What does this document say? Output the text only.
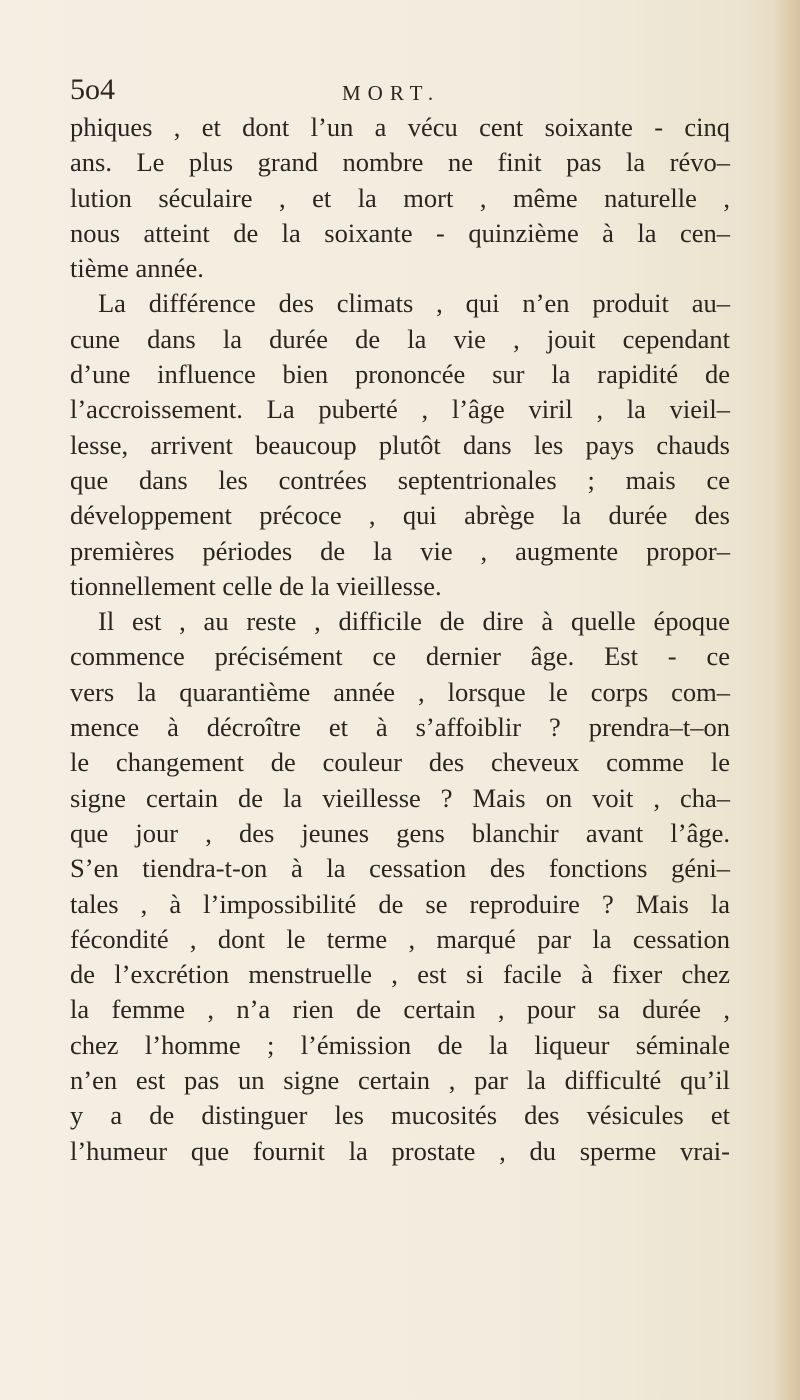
5o4	MORT.
phiques , et dont l’un a vécu cent soixante - cinq
ans. Le plus grand nombre ne finit pas la révo–
lution séculaire , et la mort , même naturelle ,
nous atteint de la soixante - quinzième à la cen–
tième année.
La différence des climats , qui n’en produit au–
cune dans la durée de la vie , jouit cependant
d’une influence bien prononcée sur la rapidité de
l’accroissement. La puberté , l’âge viril , la vieil–
lesse, arrivent beaucoup plutôt dans les pays chauds
que dans les contrées septentrionales ; mais ce
développement précoce , qui abrège la durée des
premières périodes de la vie , augmente propor–
tionnellement celle de la vieillesse.
Il est , au reste , difficile de dire à quelle époque
commence précisément ce dernier âge. Est - ce
vers la quarantième année , lorsque le corps com–
mence à décroître et à s’affoiblir ? prendra–t–on
le changement de couleur des cheveux comme le
signe certain de la vieillesse ? Mais on voit , cha–
que jour , des jeunes gens blanchir avant l’âge.
S’en tiendra-t-on à la cessation des fonctions géni–
tales , à l’impossibilité de se reproduire ? Mais la
fécondité , dont le terme , marqué par la cessation
de l’excrétion menstruelle , est si facile à fixer chez
la femme , n’a rien de certain , pour sa durée ,
chez l’homme ; l’émission de la liqueur séminale
n’en est pas un signe certain , par la difficulté qu’il
y a de distinguer les mucosités des vésicules et
l’humeur que fournit la prostate , du sperme vrai-
